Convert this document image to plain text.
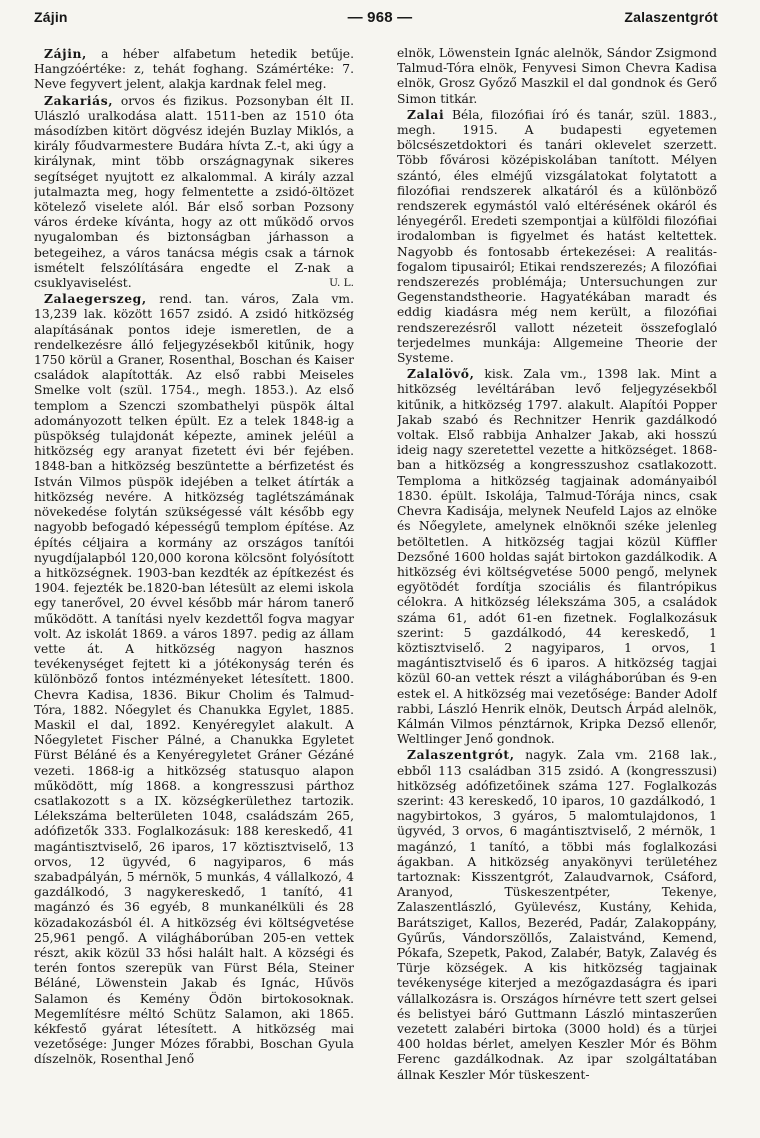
Zájin	— 968 —	Zalaszentgrót

Zájin, a héber alfabetum hetedik betűje. Hangzóértéke: z, tehát foghang. Számértéke: 7. Neve fegyvert jelent, alakja kardnak felel meg.

Zakariás, orvos és fizikus. Pozsonyban élt II. Ulászló uralkodása alatt. 1511-ben az 1510 óta másodízben kitört dögvész idején Buzlay Miklós, a király főudvarmestere Budára hívta Z.-t, aki úgy a királynak, mint több országnagynak sikeres segítséget nyujtott ez alkalommal. A király azzal jutalmazta meg, hogy felmentette a zsidó-öltözet kötelező viselete alól. Bár első sorban Pozsony város érdeke kívánta, hogy az ott működő orvos nyugalomban és biztonságban járhasson a betegeihez, a város tanácsa mégis csak a tárnok ismételt felszólítására engedte el Z-nak a csuklyaviselést.	U. L.

Zalaegerszeg, rend. tan. város, Zala vm. 13,239 lak. között 1657 zsidó. A zsidó hitközség alapításának pontos ideje ismeretlen, de a rendelkezésre álló feljegyzésekből kitűnik, hogy 1750 körül a Graner, Rosenthal, Boschan és Kaiser családok alapították. Az első rabbi Meiseles Smelke volt (szül. 1754., megh. 1853.). Az első templom a Szenczi szombathelyi püspök által adományozott telken épült. Ez a telek 1848-ig a püspökség tulajdonát képezte, aminek jeléül a hitközség egy aranyat fizetett évi bér fejében. 1848-ban a hitközség beszüntette a bérfizetést és István Vilmos püspök idejében a telket átírták a hitközség nevére. A hitközség taglétszámának növekedése folytán szükségessé vált később egy nagyobb befogadó képességű templom építése. Az építés céljaira a kormány az országos tanítói nyugdíjalapból 120,000 korona kölcsönt folyósított a hitközségnek. 1903-ban kezdték az építkezést és 1904. fejezték be.1820-ban létesült az elemi iskola egy tanerővel, 20 évvel később már három tanerő működött. A tanítási nyelv kezdettől fogva magyar volt. Az iskolát 1869. a város 1897. pedig az állam vette át. A hitközség nagyon hasznos tevékenységet fejtett ki a jótékonyság terén és különböző fontos intézményeket létesített. 1800. Chevra Kadisa, 1836. Bikur Cholim és Talmud-Tóra, 1882. Nőegylet és Chanukka Egylet, 1885. Maskil el dal, 1892. Kenyéregylet alakult. A Nőegyletet Fischer Pálné, a Chanukka Egyletet Fürst Béláné és a Kenyéregyletet Gráner Gézáné vezeti. 1868-ig a hitközség statusquo alapon működött, míg 1868. a kongresszusi párthoz csatlakozott s a IX. községkerülethez tartozik. Lélekszáma belterületen 1048, családszám 265, adófizetők 333. Foglalkozásuk: 188 kereskedő, 41 magántisztviselő, 26 iparos, 17 köztisztviselő, 13 orvos, 12 ügyvéd, 6 nagyiparos, 6 más szabadpályán, 5 mérnök, 5 munkás, 4 vállalkozó, 4 gazdálkodó, 3 nagykereskedő, 1 tanító, 41 magánzó és 36 egyéb, 8 munkanélküli és 28 közadakozásból él. A hitközség évi költségvetése 25,961 pengő. A világháborúban 205-en vettek részt, akik közül 33 hősi halált halt. A községi és terén fontos szerepük van Fürst Béla, Steiner Béláné, Löwenstein Jakab és Ignác, Hűvös Salamon és Kemény Ödön birtokosoknak. Megemlítésre méltó Schütz Salamon, aki 1865. kékfestő gyárat létesített. A hitközség mai vezetősége: Junger Mózes főrabbi, Boschan Gyula díszelnök, Rosenthal Jenő

elnök, Löwenstein Ignác alelnök, Sándor Zsigmond Talmud-Tóra elnök, Fenyvesi Simon Chevra Kadisa elnök, Grosz Győző Maszkil el dal gondnok és Gerő Simon titkár.

Zalai Béla, filozófiai író és tanár, szül. 1883., megh. 1915. A budapesti egyetemen bölcsészetdoktori és tanári oklevelet szerzett. Több fővárosi középiskolában tanított. Mélyen szántó, éles elméjű vizsgálatokat folytatott a filozófiai rendszerek alkatáról és a különböző rendszerek egymástól való eltérésének okáról és lényegéről. Eredeti szempontjai a külföldi filozófiai irodalomban is figyelmet és hatást keltettek. Nagyobb és fontosabb értekezései: A realitás-fogalom tipusairól; Etikai rendszerezés; A filozófiai rendszerezés problémája; Untersuchungen zur Gegenstandstheorie. Hagyatékában maradt és eddig kiadásra még nem került, a filozófiai rendszerezésről vallott nézeteit összefoglaló terjedelmes munkája: Allgemeine Theorie der Systeme.

Zalalövő, kisk. Zala vm., 1398 lak. Mint a hitközség levéltárában levő feljegyzésekből kitűnik, a hitközség 1797. alakult. Alapítói Popper Jakab szabó és Rechnitzer Henrik gazdálkodó voltak. Első rabbija Anhalzer Jakab, aki hosszú ideig nagy szeretettel vezette a hitközséget. 1868-ban a hitközség a kongresszushoz csatlakozott. Temploma a hitközség tagjainak adományaiból 1830. épült. Iskolája, Talmud-Tórája nincs, csak Chevra Kadisája, melynek Neufeld Lajos az elnöke és Nőegylete, amelynek elnöknői széke jelenleg betöltetlen. A hitközség tagjai közül Küffler Dezsőné 1600 holdas saját birtokon gazdálkodik. A hitközség évi költségvetése 5000 pengő, melynek egyötödét fordítja szociális és filantrópikus célokra. A hitközség lélekszáma 305, a családok száma 61, adót 61-en fizetnek. Foglalkozásuk szerint: 5 gazdálkodó, 44 kereskedő, 1 köztisztviselő. 2 nagyiparos, 1 orvos, 1 magántisztviselő és 6 iparos. A hitközség tagjai közül 60-an vettek részt a világháborúban és 9-en estek el. A hitközség mai vezetősége: Bander Adolf rabbi, László Henrik elnök, Deutsch Árpád alelnök, Kálmán Vilmos pénztárnok, Kripka Dezső ellenőr, Weltlinger Jenő gondnok.

Zalaszentgrót, nagyk. Zala vm. 2168 lak., ebből 113 családban 315 zsidó. A (kongresszusi) hitközség adófizetőinek száma 127. Foglalkozás szerint: 43 kereskedő, 10 iparos, 10 gazdálkodó, 1 nagybirtokos, 3 gyáros, 5 malomtulajdonos, 1 ügyvéd, 3 orvos, 6 magántisztviselő, 2 mérnök, 1 magánzó, 1 tanító, a többi más foglalkozási ágakban. A hitközség anyakönyvi területéhez tartoznak: Kisszentgrót, Zalaudvarnok, Csáford, Aranyod, Tüskeszentpéter, Tekenye, Zalaszentlászló, Gyülevész, Kustány, Kehida, Barátsziget, Kallos, Bezeréd, Padár, Zalakoppány, Gyűrűs, Vándorszöllős, Zalaistvánd, Kemend, Pókafa, Szepetk, Pakod, Zalabér, Batyk, Zalavég és Türje községek. A kis hitközség tagjainak tevékenysége kiterjed a mezőgazdaságra és ipari vállalkozásra is. Országos hírnévre tett szert gelsei és belistyei báró Guttmann László mintaszerűen vezetett zalabéri birtoka (3000 hold) és a türjei 400 holdas bérlet, amelyen Keszler Mór és Böhm Ferenc gazdálkodnak. Az ipar szolgáltatában állnak Keszler Mór tüskeszent-
